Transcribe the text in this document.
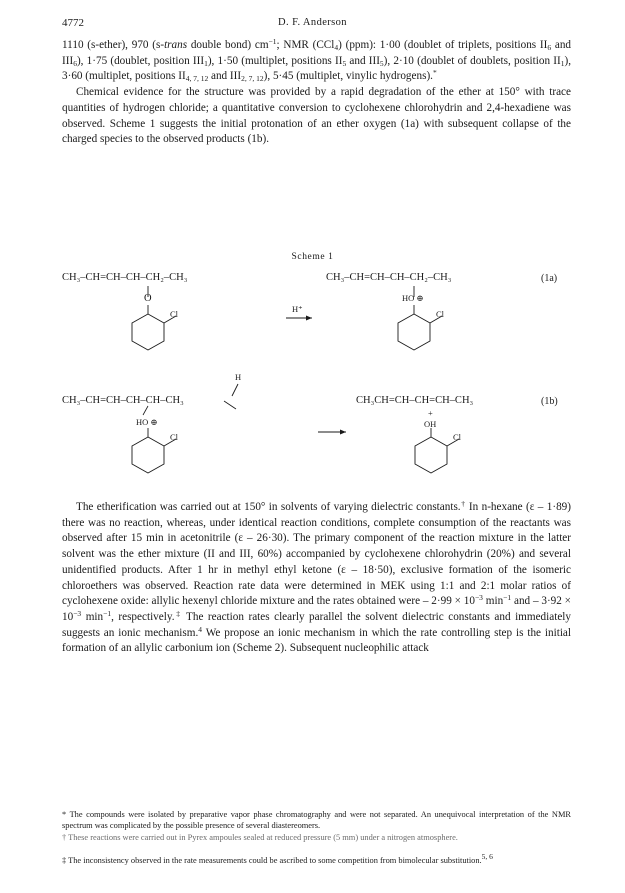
4772	D. F. Anderson
1110 (s-ether), 970 (s-trans double bond) $cm^{-1}$; NMR (CCl$_4$) (ppm): 1·00 (doublet of triplets, positions $II_6$ and $III_6$), 1·75 (doublet, position $III_1$), 1·50 (multiplet, positions $II_5$ and $III_5$), 2·10 (doublet of doublets, position $II_1$), 3·60 (multiplet, positions $II_{4, 7, 12}$ and $III_{2, 7, 12}$), 5·45 (multiplet, vinylic hydrogens).*
Chemical evidence for the structure was provided by a rapid degradation of the ether at 150° with trace quantities of hydrogen chloride; a quantitative conversion to cyclohexene chlorohydrin and 2,4-hexadiene was observed. Scheme 1 suggests the initial protonation of an ether oxygen (1a) with subsequent collapse of the charged species to the observed products (1b).
Scheme 1
CH₃–CH=CH–CH–CH₂–CH₃
O
Cl	H⁺
CH₃–CH=CH–CH–CH₂–CH₃
HO ⊕
Cl
(1a)
H
CH₃–CH=CH–CH–CH–CH₃
HO ⊕
Cl
CH₃CH=CH–CH=CH–CH₃
+
OH
Cl
(1b)
The etherification was carried out at 150° in solvents of varying dielectric constants.† In n-hexane (ε – 1·89) there was no reaction, whereas, under identical reaction conditions, complete consumption of the reactants was observed after 15 min in acetonitrile (ε – 26·30). The primary component of the reaction mixture in the latter solvent was the ether mixture (II and III, 60%) accompanied by cyclohexene chlorohydrin (20%) and several unidentified products. After 1 hr in methyl ethyl ketone (ε – 18·50), exclusive formation of the isomeric chloroethers was observed. Reaction rate data were determined in MEK using 1:1 and 2:1 molar ratios of cyclohexene oxide: allylic hexenyl chloride mixture and the rates obtained were – $2\cdot 99 \times 10^{-3}$ $\min^{-1}$ and – $3\cdot 92 \times 10^{-3}$ $\min^{-1}$, respectively.‡ The reaction rates clearly parallel the solvent dielectric constants and immediately suggests an ionic mechanism.$^4$ We propose an ionic mechanism in which the rate controlling step is the initial formation of an allylic carbonium ion (Scheme 2). Subsequent nucleophilic attack
* The compounds were isolated by preparative vapor phase chromatography and were not separated. An unequivocal interpretation of the NMR spectrum was complicated by the possible presence of several diastereomers.
† These reactions were carried out in Pyrex ampoules sealed at reduced pressure (5 mm) under a nitrogen atmosphere.
‡ The inconsistency observed in the rate measurements could be ascribed to some competition from bimolecular substitution.$^{5, 6}$
